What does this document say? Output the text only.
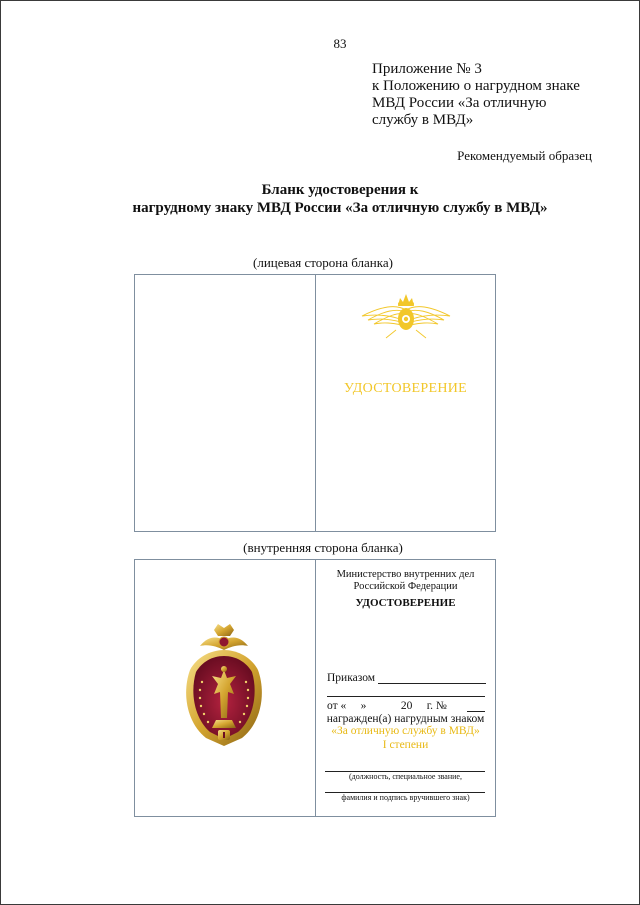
83
Приложение № 3
к Положению о нагрудном знаке
МВД России «За отличную
службу в МВД»
Рекомендуемый образец
Бланк удостоверения к
нагрудному знаку МВД России «За отличную службу в МВД»
(лицевая сторона бланка)
УДОСТОВЕРЕНИЕ
(внутренняя сторона бланка)
Министерство внутренних дел
Российской Федерации
УДОСТОВЕРЕНИЕ
Приказом
от «     »            20     г. №
награжден(а) нагрудным знаком
«За отличную службу в МВД»
I степени
(должность, специальное звание,
фамилия и подпись вручившего знак)
